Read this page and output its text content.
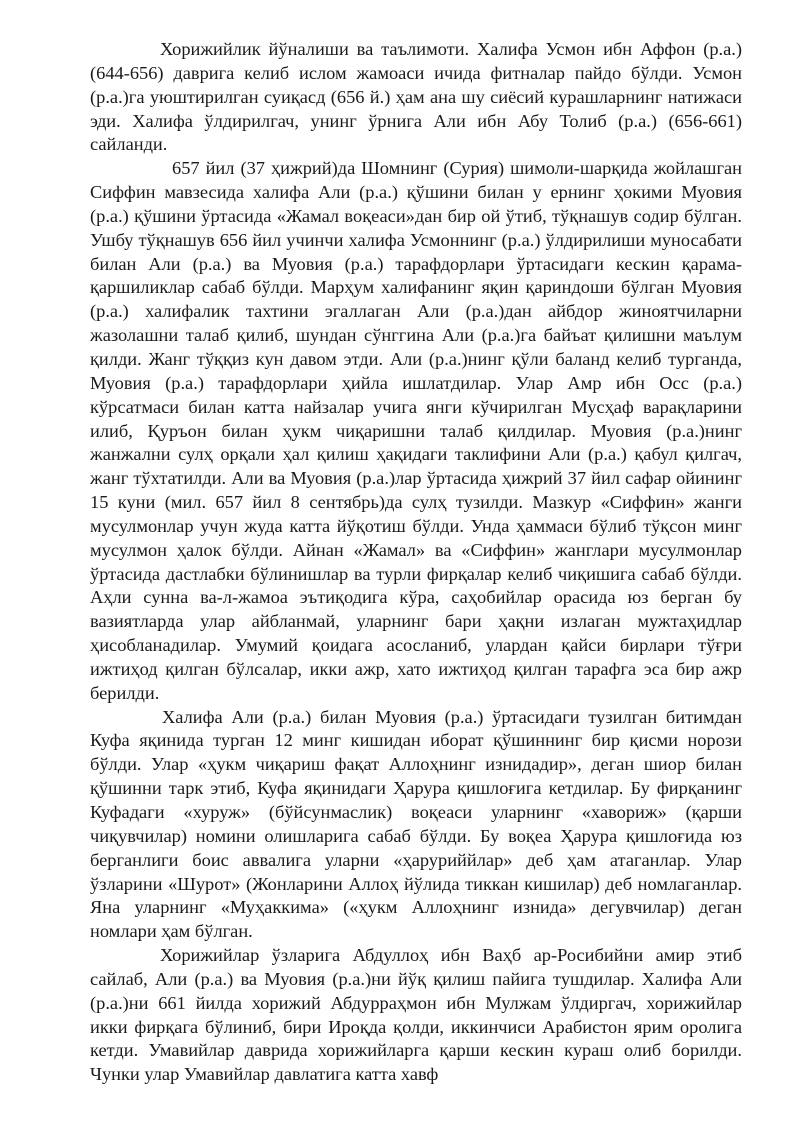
Хорижийлик йўналиши ва таълимоти. Халифа Усмон ибн Аффон (р.а.) (644-656) даврига келиб ислом жамоаси ичида фитналар пайдо бўлди. Усмон (р.а.)га уюштирилган суиқасд (656 й.) ҳам ана шу сиёсий курашларнинг натижаси эди. Халифа ўлдирилгач, унинг ўрнига Али ибн Абу Толиб (р.а.) (656-661) сайланди.

657 йил (37 ҳижрий)да Шомнинг (Сурия) шимоли-шарқида жойлашган Сиффин мавзесида халифа Али (р.а.) қўшини билан у ернинг ҳокими Муовия (р.а.) қўшини ўртасида «Жамал воқеаси»дан бир ой ўтиб, тўқнашув содир бўлган. Ушбу тўқнашув 656 йил учинчи халифа Усмоннинг (р.а.) ўлдирилиши муносабати билан Али (р.а.) ва Муовия (р.а.) тарафдорлари ўртасидаги кескин қарама-қаршиликлар сабаб бўлди. Марҳум халифанинг яқин қариндоши бўлган Муовия (р.а.) халифалик тахтини эгаллаган Али (р.а.)дан айбдор жиноятчиларни жазолашни талаб қилиб, шундан сўнггина Али (р.а.)га байъат қилишни маълум қилди. Жанг тўққиз кун давом этди. Али (р.а.)нинг қўли баланд келиб турганда, Муовия (р.а.) тарафдорлари ҳийла ишлатдилар. Улар Амр ибн Осс (р.а.) кўрсатмаси билан катта найзалар учига янги кўчирилган Мусҳаф варақларини илиб, Қуръон билан ҳукм чиқаришни талаб қилдилар. Муовия (р.а.)нинг жанжални сулҳ орқали ҳал қилиш ҳақидаги таклифини Али (р.а.) қабул қилгач, жанг тўхтатилди. Али ва Муовия (р.а.)лар ўртасида ҳижрий 37 йил сафар ойининг 15 куни (мил. 657 йил 8 сентябрь)да сулҳ тузилди. Мазкур «Сиффин» жанги мусулмонлар учун жуда катта йўқотиш бўлди. Унда ҳаммаси бўлиб тўқсон минг мусулмон ҳалок бўлди. Айнан «Жамал» ва «Сиффин» жанглари мусулмонлар ўртасида дастлабки бўлинишлар ва турли фирқалар келиб чиқишига сабаб бўлди. Аҳли сунна ва-л-жамоа эътиқодига кўра, саҳобийлар орасида юз берган бу вазиятларда улар айбланмай, уларнинг бари ҳақни излаган мужтаҳидлар ҳисобланадилар. Умумий қоидага асосланиб, улардан қайси бирлари тўғри ижтиҳод қилган бўлсалар, икки ажр, хато ижтиҳод қилган тарафга эса бир ажр берилди.

Халифа Али (р.а.) билан Муовия (р.а.) ўртасидаги тузилган битимдан Куфа яқинида турган 12 минг кишидан иборат қўшиннинг бир қисми норози бўлди. Улар «ҳукм чиқариш фақат Аллоҳнинг изнидадир», деган шиор билан қўшинни тарк этиб, Куфа яқинидаги Ҳарура қишлоғига кетдилар. Бу фирқанинг Куфадаги «хуруж» (бўйсунмаслик) воқеаси уларнинг «хавориж» (қарши чиқувчилар) номини олишларига сабаб бўлди. Бу воқеа Ҳарура қишлоғида юз берганлиги боис аввалига уларни «ҳаруриййлар» деб ҳам атаганлар. Улар ўзларини «Шурот» (Жонларини Аллоҳ йўлида тиккан кишилар) деб номлаганлар. Яна уларнинг «Муҳаккима» («ҳукм Аллоҳнинг изнида» дегувчилар) деган номлари ҳам бўлган.

Хорижийлар ўзларига Абдуллоҳ ибн Ваҳб ар-Росибийни амир этиб сайлаб, Али (р.а.) ва Муовия (р.а.)ни йўқ қилиш пайига тушдилар. Халифа Али (р.а.)ни 661 йилда хорижий Абдурраҳмон ибн Мулжам ўлдиргач, хорижийлар икки фирқага бўлиниб, бири Ироқда қолди, иккинчиси Арабистон ярим оролига кетди. Умавийлар даврида хорижийларга қарши кескин кураш олиб борилди. Чунки улар Умавийлар давлатига катта хавф
